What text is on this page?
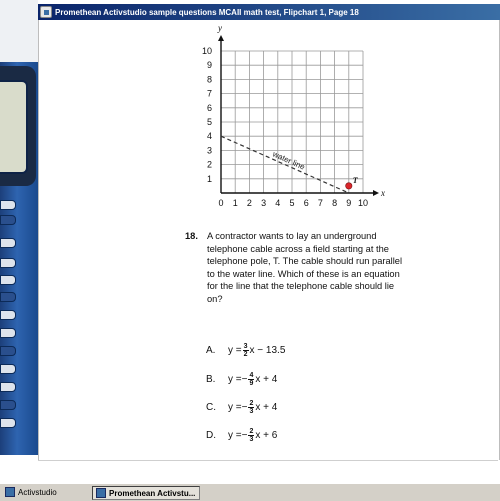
Promethean Activstudio sample questions MCAII math test, Flipchart 1, Page 18
0 1 2 3 4 5 6 7 8 9 10
1
2
3
4
5
6
7
8
9
10
water line
T
y
x
18. A contractor wants to lay an underground telephone cable across a field starting at the telephone pole, T. The cable should run parallel to the water line. Which of these is an equation for the line that the telephone cable should lie on?
A.	$y = \frac{3}{2}$ x − 13.5
B.	y = − $\frac{4}{9}$ x + 4
C.	y = − $\frac{2}{3}$ x + 4
D.	y = − $\frac{2}{3}$ x + 6
Activstudio	Promethean Activstu...
